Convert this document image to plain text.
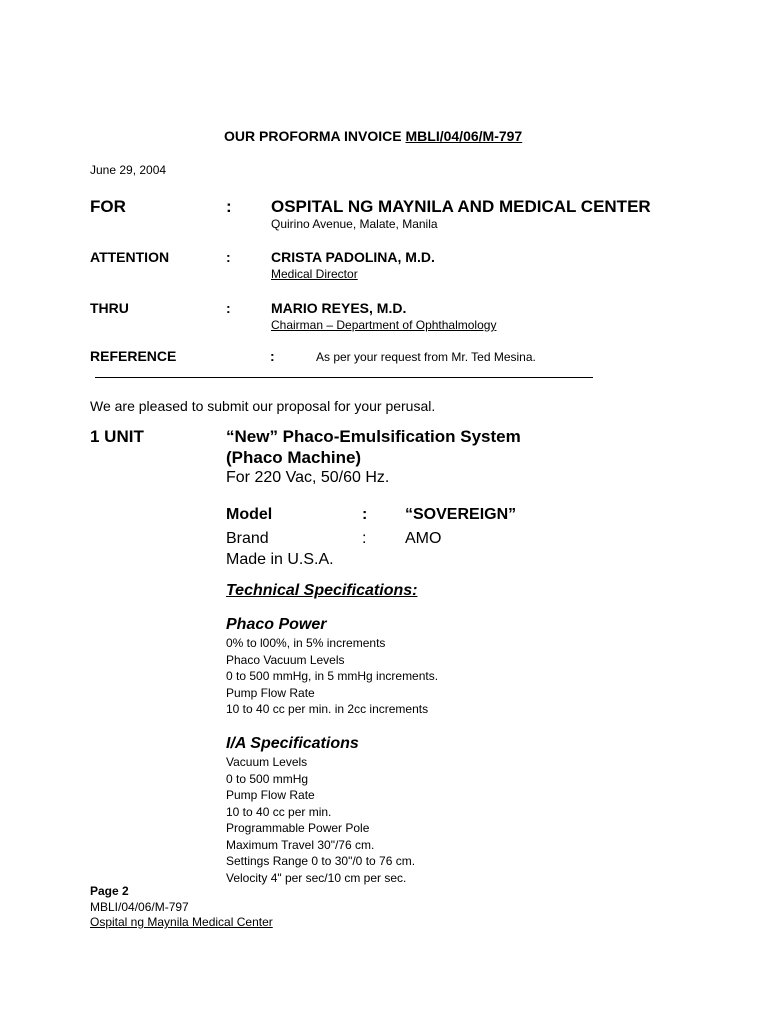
OUR PROFORMA INVOICE MBLI/04/06/M-797
June 29, 2004
FOR	: OSPITAL NG MAYNILA AND MEDICAL CENTER
Quirino Avenue, Malate, Manila
ATTENTION	:	CRISTA PADOLINA, M.D.
Medical Director
THRU	:	MARIO REYES, M.D.
Chairman – Department of Ophthalmology
REFERENCE	:	As per your request from Mr. Ted Mesina.
We are pleased to submit our proposal for your perusal.
1 UNIT	“New” Phaco-Emulsification System
(Phaco Machine)
For 220 Vac, 50/60 Hz.
Model	: “SOVEREIGN”
Brand	: AMO
Made in U.S.A.
Technical Specifications:
Phaco Power
0% to l00%, in 5% increments
Phaco Vacuum Levels
0 to 500 mmHg, in 5 mmHg increments.
Pump Flow Rate
10 to 40 cc per min. in 2cc increments
I/A Specifications
Vacuum Levels
0 to 500 mmHg
Pump Flow Rate
10 to 40 cc per min.
Programmable Power Pole
Maximum Travel 30"/76 cm.
Settings Range 0 to 30"/0 to 76 cm.
Velocity 4" per sec/10 cm per sec.
Page 2
MBLI/04/06/M-797
Ospital ng Maynila Medical Center
